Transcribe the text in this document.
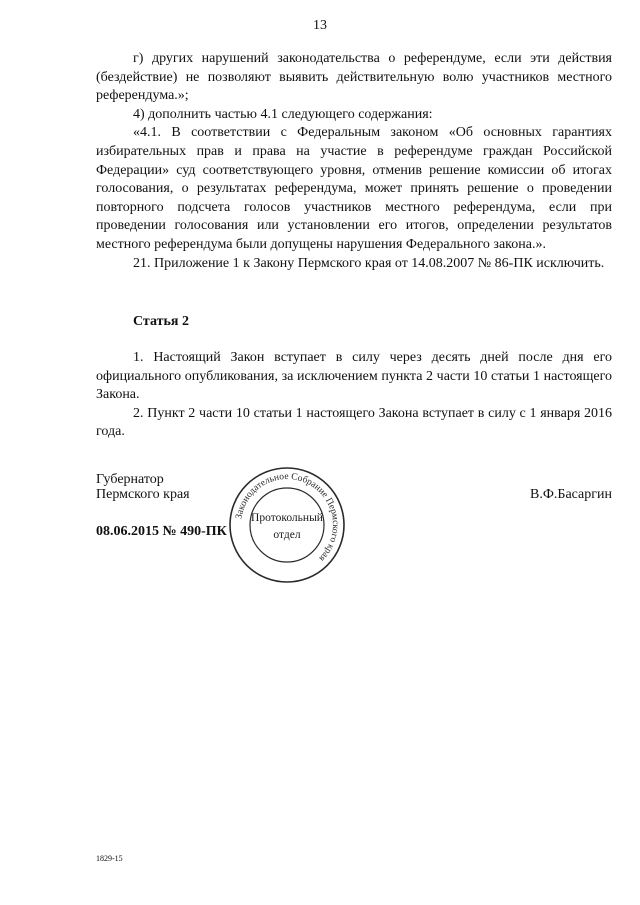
13

г) других нарушений законодательства о референдуме, если эти действия (бездействие) не позволяют выявить действительную волю участников местного референдума.»;

4) дополнить частью 4.1 следующего содержания:

«4.1. В соответствии с Федеральным законом «Об основных гарантиях избирательных прав и права на участие в референдуме граждан Российской Федерации» суд соответствующего уровня, отменив решение комиссии об итогах голосования, о результатах референдума, может принять решение о проведении повторного подсчета голосов участников местного референдума, если при проведении голосования или установлении его итогов, определении результатов местного референдума были допущены нарушения Федерального закона.».

21. Приложение 1 к Закону Пермского края от 14.08.2007 № 86-ПК исключить.

Статья 2

1. Настоящий Закон вступает в силу через десять дней после дня его официального опубликования, за исключением пункта 2 части 10 статьи 1 настоящего Закона.

2. Пункт 2 части 10 статьи 1 настоящего Закона вступает в силу с 1 января 2016 года.

Губернатор
Пермского края	В.Ф.Басаргин
08.06.2015 № 490-ПК
Законодательное Собрание Пермского края
Протокольный
отдел
1829-15
